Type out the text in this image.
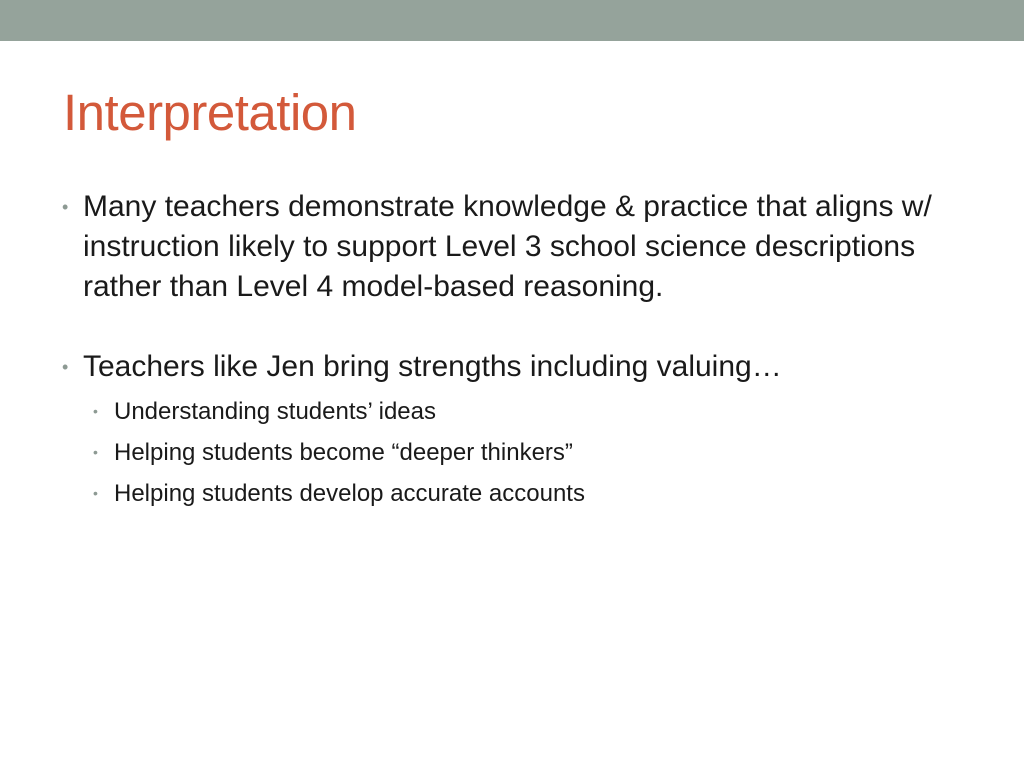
Interpretation
• Many teachers demonstrate knowledge & practice that aligns w/ instruction likely to support Level 3 school science descriptions rather than Level 4 model-based reasoning.
• Teachers like Jen bring strengths including valuing…
• Understanding students’ ideas
• Helping students become “deeper thinkers”
• Helping students develop accurate accounts
